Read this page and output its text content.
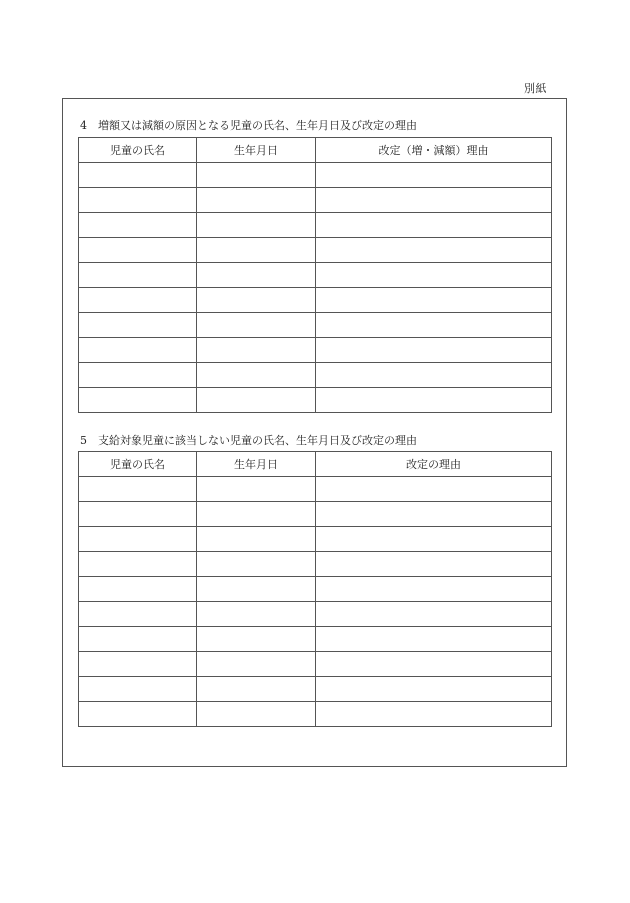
別紙
4 増額又は減額の原因となる児童の氏名、生年月日及び改定の理由
児童の氏名	生年月日	改定（増・減額）理由

5 支給対象児童に該当しない児童の氏名、生年月日及び改定の理由
児童の氏名	生年月日	改定の理由
